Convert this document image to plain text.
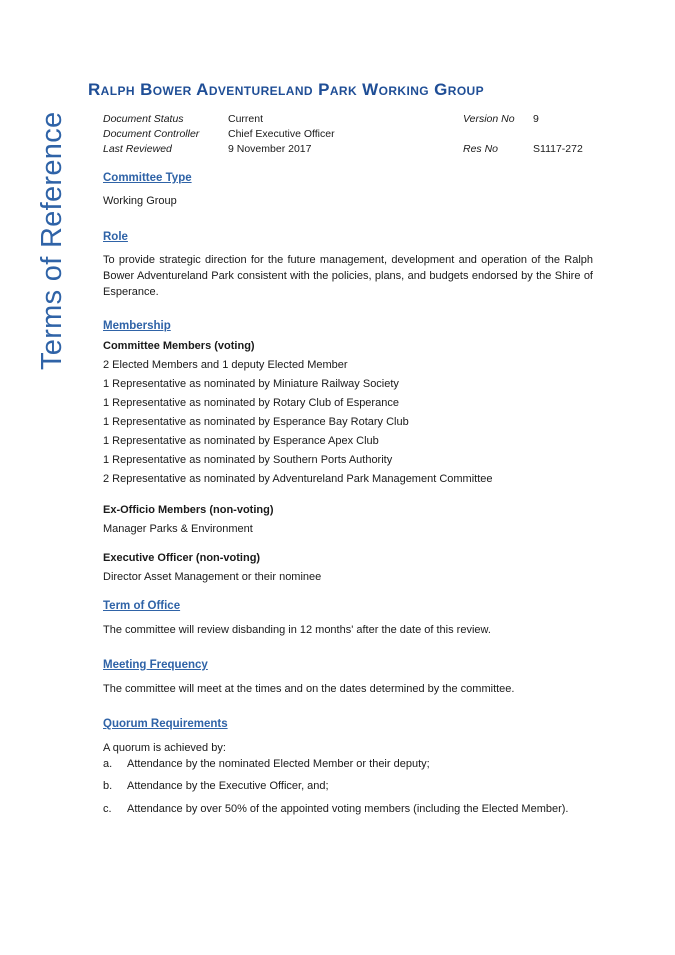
Terms of Reference
Ralph Bower Adventureland Park Working Group
Document Status	Current	Version No 9
Document Controller	Chief Executive Officer
Last Reviewed	9 November 2017	Res No	S1117-272
Committee Type
Working Group
Role
To provide strategic direction for the future management, development and operation of the Ralph Bower Adventureland Park consistent with the policies, plans, and budgets endorsed by the Shire of Esperance.
Membership
Committee Members (voting)
2 Elected Members and 1 deputy Elected Member
1 Representative as nominated by Miniature Railway Society
1 Representative as nominated by Rotary Club of Esperance
1 Representative as nominated by Esperance Bay Rotary Club
1 Representative as nominated by Esperance Apex Club
1 Representative as nominated by Southern Ports Authority
2 Representative as nominated by Adventureland Park Management Committee
Ex-Officio Members (non-voting)
Manager Parks & Environment
Executive Officer (non-voting)
Director Asset Management or their nominee
Term of Office
The committee will review disbanding in 12 months' after the date of this review.
Meeting Frequency
The committee will meet at the times and on the dates determined by the committee.
Quorum Requirements
A quorum is achieved by:
a. Attendance by the nominated Elected Member or their deputy;
b. Attendance by the Executive Officer, and;
c. Attendance by over 50% of the appointed voting members (including the Elected Member).
